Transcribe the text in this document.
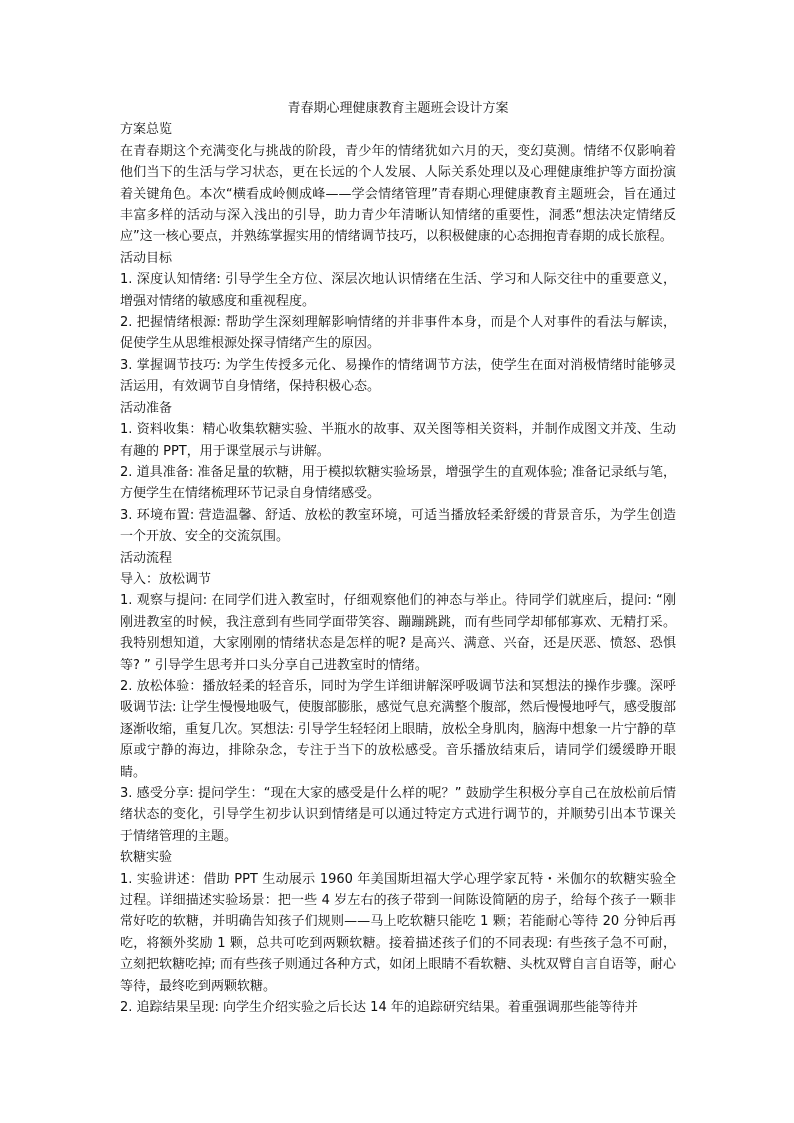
青春期心理健康教育主题班会设计方案
方案总览

在青春期这个充满变化与挑战的阶段，青少年的情绪犹如六月的天，变幻莫测。情绪不仅影响着他们当下的生活与学习状态，更在长远的个人发展、人际关系处理以及心理健康维护等方面扮演着关键角色。本次“横看成岭侧成峰——学会情绪管理”青春期心理健康教育主题班会，旨在通过丰富多样的活动与深入浅出的引导，助力青少年清晰认知情绪的重要性，洞悉“想法决定情绪反应”这一核心要点，并熟练掌握实用的情绪调节技巧，以积极健康的心态拥抱青春期的成长旅程。

活动目标

1. 深度认知情绪: 引导学生全方位、深层次地认识情绪在生活、学习和人际交往中的重要意义，增强对情绪的敏感度和重视程度。

2. 把握情绪根源: 帮助学生深刻理解影响情绪的并非事件本身，而是个人对事件的看法与解读，促使学生从思维根源处探寻情绪产生的原因。

3. 掌握调节技巧: 为学生传授多元化、易操作的情绪调节方法，使学生在面对消极情绪时能够灵活运用，有效调节自身情绪，保持积极心态。

活动准备

1. 资料收集：精心收集软糖实验、半瓶水的故事、双关图等相关资料，并制作成图文并茂、生动有趣的 PPT，用于课堂展示与讲解。

2. 道具准备: 准备足量的软糖，用于模拟软糖实验场景，增强学生的直观体验; 准备记录纸与笔，方便学生在情绪梳理环节记录自身情绪感受。

3. 环境布置: 营造温馨、舒适、放松的教室环境，可适当播放轻柔舒缓的背景音乐，为学生创造一个开放、安全的交流氛围。

活动流程
导入：放松调节

1. 观察与提问: 在同学们进入教室时，仔细观察他们的神态与举止。待同学们就座后，提问: “刚刚进教室的时候，我注意到有些同学面带笑容、蹦蹦跳跳，而有些同学却郁郁寡欢、无精打采。我特别想知道，大家刚刚的情绪状态是怎样的呢? 是高兴、满意、兴奋，还是厌恶、愤怒、恐惧等? ” 引导学生思考并口头分享自己进教室时的情绪。

2. 放松体验：播放轻柔的轻音乐，同时为学生详细讲解深呼吸调节法和冥想法的操作步骤。深呼吸调节法: 让学生慢慢地吸气，使腹部膨胀，感觉气息充满整个腹部，然后慢慢地呼气，感受腹部逐渐收缩，重复几次。冥想法: 引导学生轻轻闭上眼睛，放松全身肌肉，脑海中想象一片宁静的草原或宁静的海边，排除杂念，专注于当下的放松感受。音乐播放结束后，请同学们缓缓睁开眼睛。

3. 感受分享: 提问学生：“现在大家的感受是什么样的呢？” 鼓励学生积极分享自己在放松前后情绪状态的变化，引导学生初步认识到情绪是可以通过特定方式进行调节的，并顺势引出本节课关于情绪管理的主题。

软糖实验

1. 实验讲述：借助 PPT 生动展示 1960 年美国斯坦福大学心理学家瓦特・米伽尔的软糖实验全过程。详细描述实验场景：把一些 4 岁左右的孩子带到一间陈设简陋的房子，给每个孩子一颗非常好吃的软糖，并明确告知孩子们规则——马上吃软糖只能吃 1 颗；若能耐心等待 20 分钟后再吃，将额外奖励 1 颗，总共可吃到两颗软糖。接着描述孩子们的不同表现: 有些孩子急不可耐，立刻把软糖吃掉; 而有些孩子则通过各种方式，如闭上眼睛不看软糖、头枕双臂自言自语等，耐心等待，最终吃到两颗软糖。

2. 追踪结果呈现: 向学生介绍实验之后长达 14 年的追踪研究结果。着重强调那些能等待并
